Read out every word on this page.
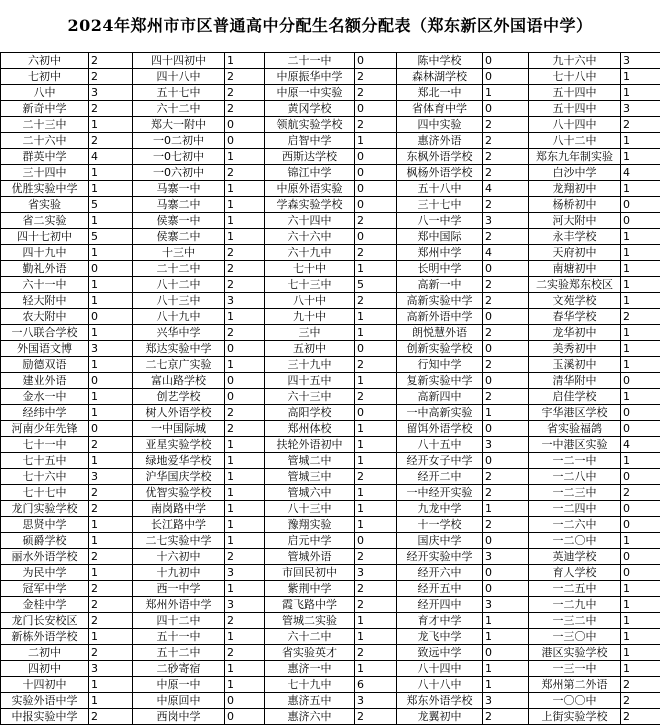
2024年郑州市市区普通高中分配生名额分配表（郑东新区外国语中学）
六初中	2	四十四初中	1	二十一中	0	陈中学校	0	九十六中	3
七初中	2	四十八中	2	中原振华中学	2	森林湖学校	0	七十八中	1
八中	3	五十七中	2	中原一中实验	2	郑北一中	1	五十四中	1
新奇中学	2	六十二中	2	黄冈学校	0	省体育中学	0	五十四中	3
二十三中	1	郑大一附中	0	领航实验学校	2	四中实验	2	八十四中	2
二十六中	2	一0二初中	0	启智中学	1	惠济外语	2	八十二中	1
群英中学	4	一0七初中	1	西斯达学校	0	东枫外语学校	2	郑东九年制实验	1
三十四中	1	一0六初中	2	锦江中学	0	枫杨外语学校	2	白沙中学	4
优胜实验中学	1	马寨一中	1	中原外语实验	0	五十八中	4	龙翔初中	1
省实验	5	马寨二中	1	学森实验学校	0	三十七中	2	杨桥初中	0
省二实验	1	侯寨一中	1	六十四中	2	八一中学	3	河大附中	0
四十七初中	5	侯寨二中	1	六十六中	0	郑中国际	2	永丰学校	1
四十九中	1	十三中	2	六十九中	2	郑州中学	4	天府初中	1
勤礼外语	0	二十二中	2	七十中	1	长明中学	0	南塘初中	1
六十一中	1	八十二中	2	七十三中	5	高新一中	2	二实验郑东校区	1
轻大附中	1	八十三中	3	八十中	2	高新实验中学	2	文苑学校	1
农大附中	0	八十九中	1	九十中	1	高新外语中学	0	春华学校	2
一八联合学校	1	兴华中学	2	三中	1	朗悦慧外语	2	龙华初中	1
外国语文博	3	郑达实验中学	0	五初中	0	创新实验学校	0	美秀初中	1
励德双语	1	二七京广实验	1	三十九中	2	行知中学	2	玉溪初中	1
建业外语	0	富山路学校	0	四十五中	1	复新实验中学	0	清华附中	0
金水一中	1	创艺学校	0	六十三中	2	高新四中	2	启佳学校	1
经纬中学	1	树人外语学校	2	高阳学校	0	一中高新实验	1	宇华港区学校	0
河南少年先锋	0	一中国际城	2	郑州体校	1	留饵外语学校	0	省实验福鸽	0
七十一中	2	亚星实验学校	1	扶轮外语初中	1	八十五中	3	一中港区实验	4
七十五中	1	绿地爱华学校	1	管城二中	1	经开女子中学	0	一二一中	1
七十六中	3	沪华国庆学校	1	管城三中	2	经开二中	2	一二八中	0
七十七中	2	优智实验学校	1	管城六中	1	一中经开实验	2	一二三中	2
龙门实验学校	2	南岗路中学	1	八十三中	1	九龙中学	1	一二四中	0
思贤中学	1	长江路中学	1	豫翔实验	1	十一学校	2	一二六中	0
硕爵学校	1	二七实验中学	1	启元中学	0	国庆中学	0	一二〇中	1
丽水外语学校	2	十六初中	2	管城外语	2	经开实验中学	3	英迪学校	0
为民中学	1	十九初中	3	市回民初中	3	经开六中	0	育人学校	0
冠军中学	2	西一中学	1	紫荆中学	2	经开五中	0	一二五中	1
金桂中学	2	郑州外语中学	3	霞飞路中学	2	经开四中	3	一二九中	1
龙门长安校区	2	四十二中	2	管城二实验	1	育才中学	1	一三二中	1
新栋外语学校	1	五十一中	1	六十二中	1	龙飞中学	1	一三〇中	1
二初中	2	五十二中	2	省实验英才	2	致远中学	0	港区实验学校	1
四初中	3	二砂寄宿	1	惠济一中	1	八十四中	1	一三一中	1
十四初中	1	中原一中	1	七十九中	6	八十八中	1	郑州第二外语	2
实验外语中学	1	中原回中	0	惠济五中	3	郑东外语学校	3	一〇〇中	2
中报实验中学	2	西岗中学	0	惠济六中	2	龙翼初中	2	上街实验学校	2
